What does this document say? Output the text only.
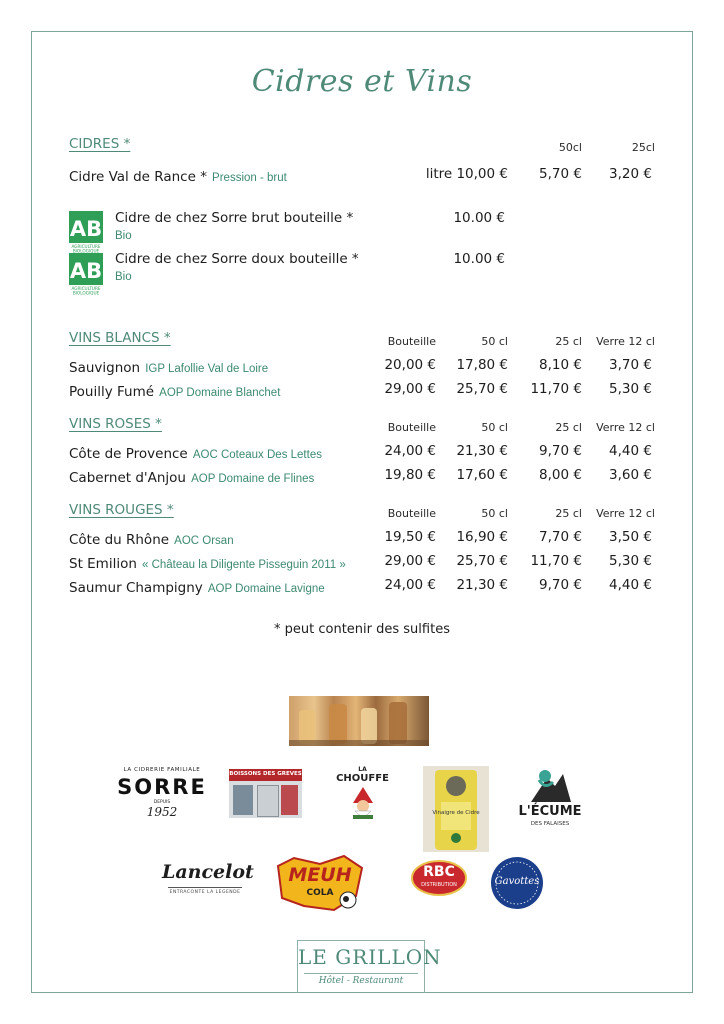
Cidres et Vins
CIDRES *	50cl	25cl
Cidre Val de Rance * Pression - brut	litre 10,00 €	5,70 €	3,20 €
AB
AGRICULTURE
BIOLOGIQUE
AB
AGRICULTURE
BIOLOGIQUE
Cidre de chez Sorre brut bouteille *
Bio
10.00 €
Cidre de chez Sorre doux bouteille *
Bio
10.00 €
VINS BLANCS *	Bouteille	50 cl	25 cl	Verre 12 cl
Sauvignon IGP Lafollie Val de Loire	20,00 €	17,80 €	8,10 €	3,70 €
Pouilly Fumé AOP Domaine Blanchet	29,00 €	25,70 €	11,70 €	5,30 €
VINS ROSES *	Bouteille	50 cl	25 cl	Verre 12 cl
Côte de Provence AOC Coteaux Des Lettes	24,00 €	21,30 €	9,70 €	4,40 €
Cabernet d'Anjou AOP Domaine de Flines	19,80 €	17,60 €	8,00 €	3,60 €
VINS ROUGES *	Bouteille	50 cl	25 cl	Verre 12 cl
Côte du Rhône AOC Orsan	19,50 €	16,90 €	7,70 €	3,50 €
St Emilion « Château la Diligente Pisseguin 2011 »	29,00 €	25,70 €	11,70 €	5,30 €
Saumur Champigny AOP Domaine Lavigne	24,00 €	21,30 €	9,70 €	4,40 €
* peut contenir des sulfites
LA CIDRERIE FAMILIALE
SORRE
DEPUIS
1952
BOISSONS DES GREVES
LA
CHOUFFE
Vinaigre de Cidre	L'ÉCUME
DES FALAISES
Lancelot
ENTRACONTE LA LEGENDE
MEUH
COLA
RBC
DISTRIBUTION	Gavottes
LE GRILLON
Hôtel - Restaurant
